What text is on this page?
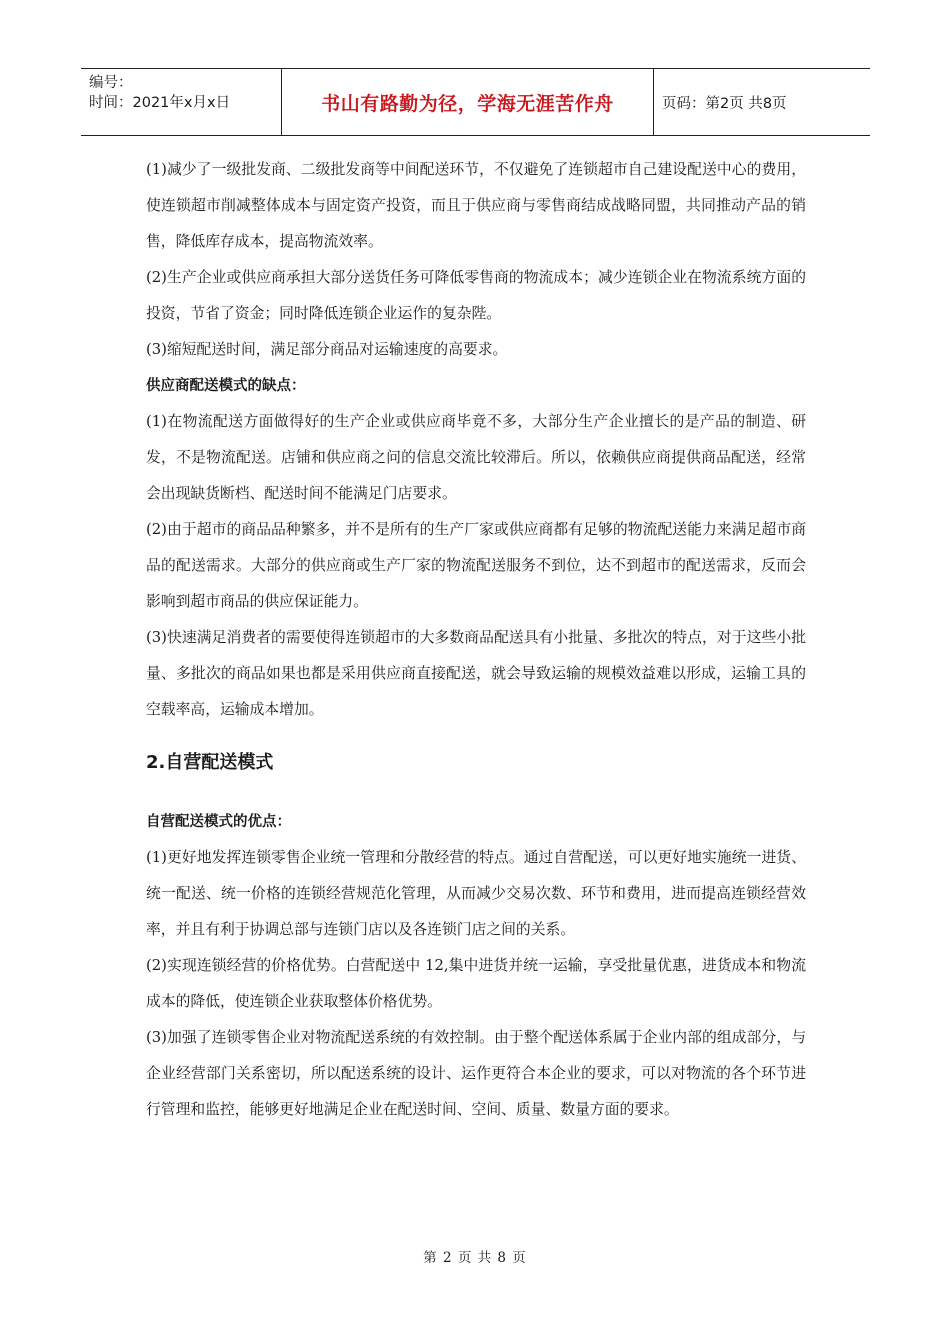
编号：
时间：2021年x月x日	书山有路勤为径，学海无涯苦作舟	页码：第2页 共8页

(1)减少了一级批发商、二级批发商等中间配送环节，不仅避免了连锁超市自己建设配送中心的费用，使连锁超市削减整体成本与固定资产投资，而且于供应商与零售商结成战略同盟，共同推动产品的销售，降低库存成本，提高物流效率。

(2)生产企业或供应商承担大部分送货任务可降低零售商的物流成本；减少连锁企业在物流系统方面的投资，节省了资金；同时降低连锁企业运作的复杂陛。

(3)缩短配送时间，满足部分商品对运输速度的高要求。

供应商配送模式的缺点：

(1)在物流配送方面做得好的生产企业或供应商毕竟不多，大部分生产企业擅长的是产品的制造、研发，不是物流配送。店铺和供应商之问的信息交流比较滞后。所以，依赖供应商提供商品配送，经常会出现缺货断档、配送时间不能满足门店要求。

(2)由于超市的商品品种繁多，并不是所有的生产厂家或供应商都有足够的物流配送能力来满足超市商品的配送需求。大部分的供应商或生产厂家的物流配送服务不到位，达不到超市的配送需求，反而会影响到超市商品的供应保证能力。

(3)快速满足消费者的需要使得连锁超市的大多数商品配送具有小批量、多批次的特点，对于这些小批量、多批次的商品如果也都是采用供应商直接配送，就会导致运输的规模效益难以形成，运输工具的空载率高，运输成本增加。

2.自营配送模式

自营配送模式的优点：

(1)更好地发挥连锁零售企业统一管理和分散经营的特点。通过自营配送，可以更好地实施统一进货、统一配送、统一价格的连锁经营规范化管理，从而减少交易次数、环节和费用，进而提高连锁经营效率，并且有利于协调总部与连锁门店以及各连锁门店之间的关系。

(2)实现连锁经营的价格优势。白营配送中 12,集中进货并统一运输，享受批量优惠，进货成本和物流成本的降低，使连锁企业获取整体价格优势。

(3)加强了连锁零售企业对物流配送系统的有效控制。由于整个配送体系属于企业内部的组成部分，与企业经营部门关系密切，所以配送系统的设计、运作更符合本企业的要求，可以对物流的各个环节进行管理和监控，能够更好地满足企业在配送时间、空间、质量、数量方面的要求。

第 2 页 共 8 页
